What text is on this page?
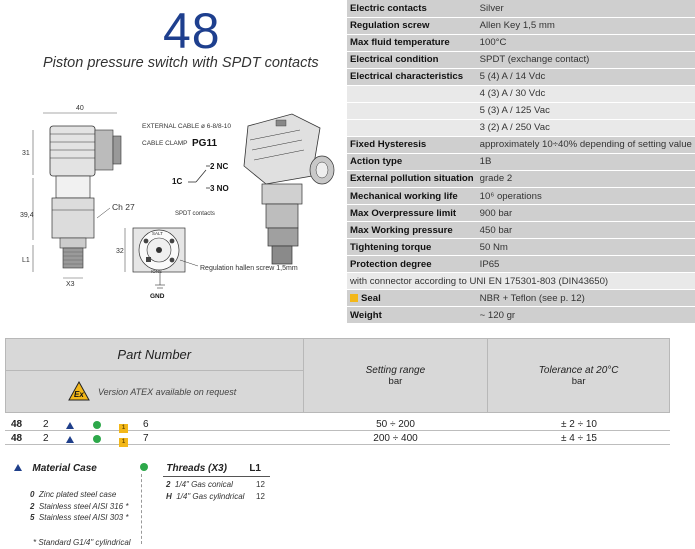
48
Piston pressure switch with SPDT contacts
Electric contacts	Silver
Regulation screw	Allen Key 1,5 mm
Max fluid temperature	100°C
Electrical condition	SPDT (exchange contact)
Electrical characteristics	5 (4) A / 14 Vdc
	4 (3) A / 30 Vdc
	5 (3) A / 125 Vac
	3 (2) A / 250 Vac
Fixed Hysteresis	approximately 10÷40% depending of setting value
Action type	1B
External pollution situation	grade 2
Mechanical working life	10⁶ operations
Max Overpressure limit	900 bar
Max Working pressure	450 bar
Tightening torque	50 Nm
Protection degree	IP65
with connector according to UNI EN 175301-803 (DIN43650)	
Seal	NBR + Teflon (see p. 12)
Weight	~ 120 gr
40
31
39,4
L1
X3
Ch 27
EXTERNAL CABLE ø 6-8/8-10
CABLE CLAMP PG11
1C
2 NC
3 NO
SPDT contacts
SALT
IONS
32
GND
Regulation hallen screw 1,5mm
Part Number	
Setting range
bar

Tolerance at 20°C
bar

Ex Version ATEX available on request
48 2	1 6	50 ÷ 200	± 2 ÷ 10
48 2	1 7	200 ÷ 400	± 4 ÷ 15
Material Case
0 Zinc plated steel case
2 Stainless steel AISI 316 *
5 Stainless steel AISI 303 *
* Standard G1/4" cylindrical
Threads (X3) L1
2 1/4" Gas conical	12
H 1/4" Gas cylindrical 12
